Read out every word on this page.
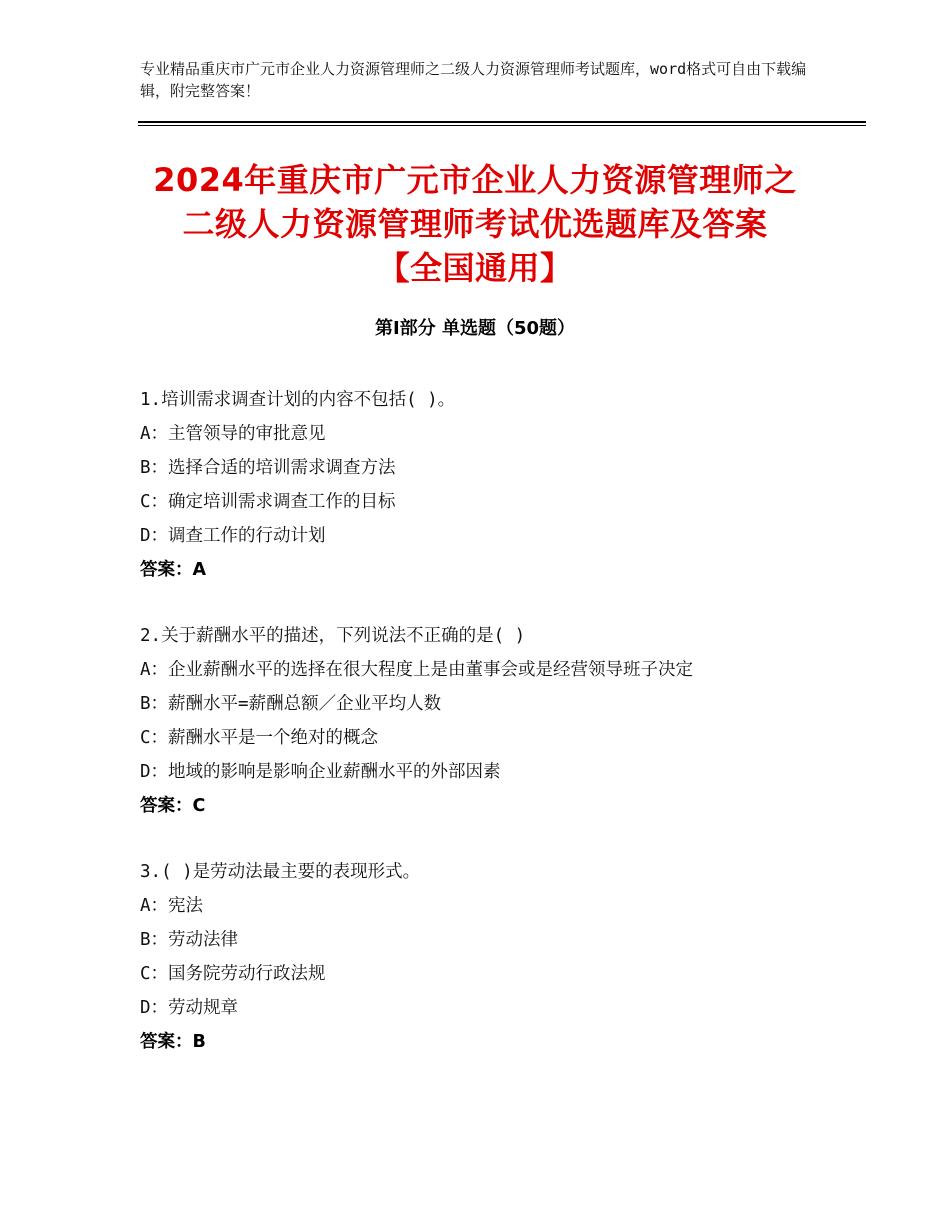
专业精品重庆市广元市企业人力资源管理师之二级人力资源管理师考试题库，word格式可自由下载编辑，附完整答案！
2024年重庆市广元市企业人力资源管理师之
二级人力资源管理师考试优选题库及答案
【全国通用】
第Ⅰ部分 单选题（50题）
1.培训需求调查计划的内容不包括( )。
A：主管领导的审批意见
B：选择合适的培训需求调查方法
C：确定培训需求调查工作的目标
D：调查工作的行动计划
答案：A
2.关于薪酬水平的描述，下列说法不正确的是( )
A：企业薪酬水平的选择在很大程度上是由董事会或是经营领导班子决定
B：薪酬水平=薪酬总额／企业平均人数
C：薪酬水平是一个绝对的概念
D：地域的影响是影响企业薪酬水平的外部因素
答案：C
3.( )是劳动法最主要的表现形式。
A：宪法
B：劳动法律
C：国务院劳动行政法规
D：劳动规章
答案：B
